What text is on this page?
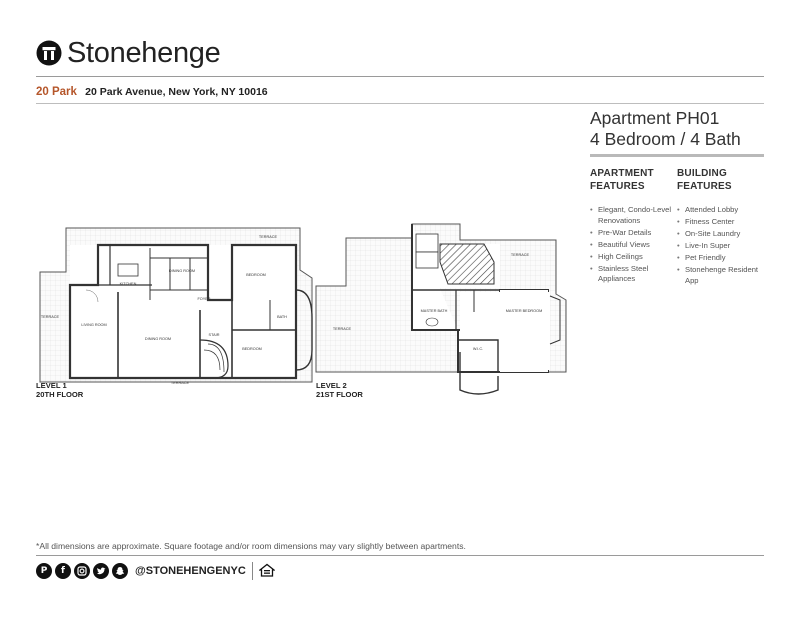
Stonehenge
20 Park 20 Park Avenue, New York, NY 10016
Apartment PH01
4 Bedroom / 4 Bath
APARTMENT
FEATURES
• Elegant, Condo-Level Renovations
• Pre-War Details
• Beautiful Views
• High Ceilings
• Stainless Steel Appliances
BUILDING
FEATURES
• Attended Lobby
• Fitness Center
• On-Site Laundry
• Live-In Super
• Pet Friendly
• Stonehenge Resident App
TERRACE
TERRACE
TERRACE
LIVING ROOM
DINING ROOM
KITCHEN
DINING ROOM
BEDROOM
BEDROOM
BATH
FOYER
STAIR
TERRACE
TERRACE
MASTER BATH	MASTER BEDROOM
W.I.C.
LEVEL 1
20TH FLOOR
LEVEL 2
21ST FLOOR
*All dimensions are approximate. Square footage and/or room dimensions may vary slightly between apartments.
P	f	@STONEHENGENYC
